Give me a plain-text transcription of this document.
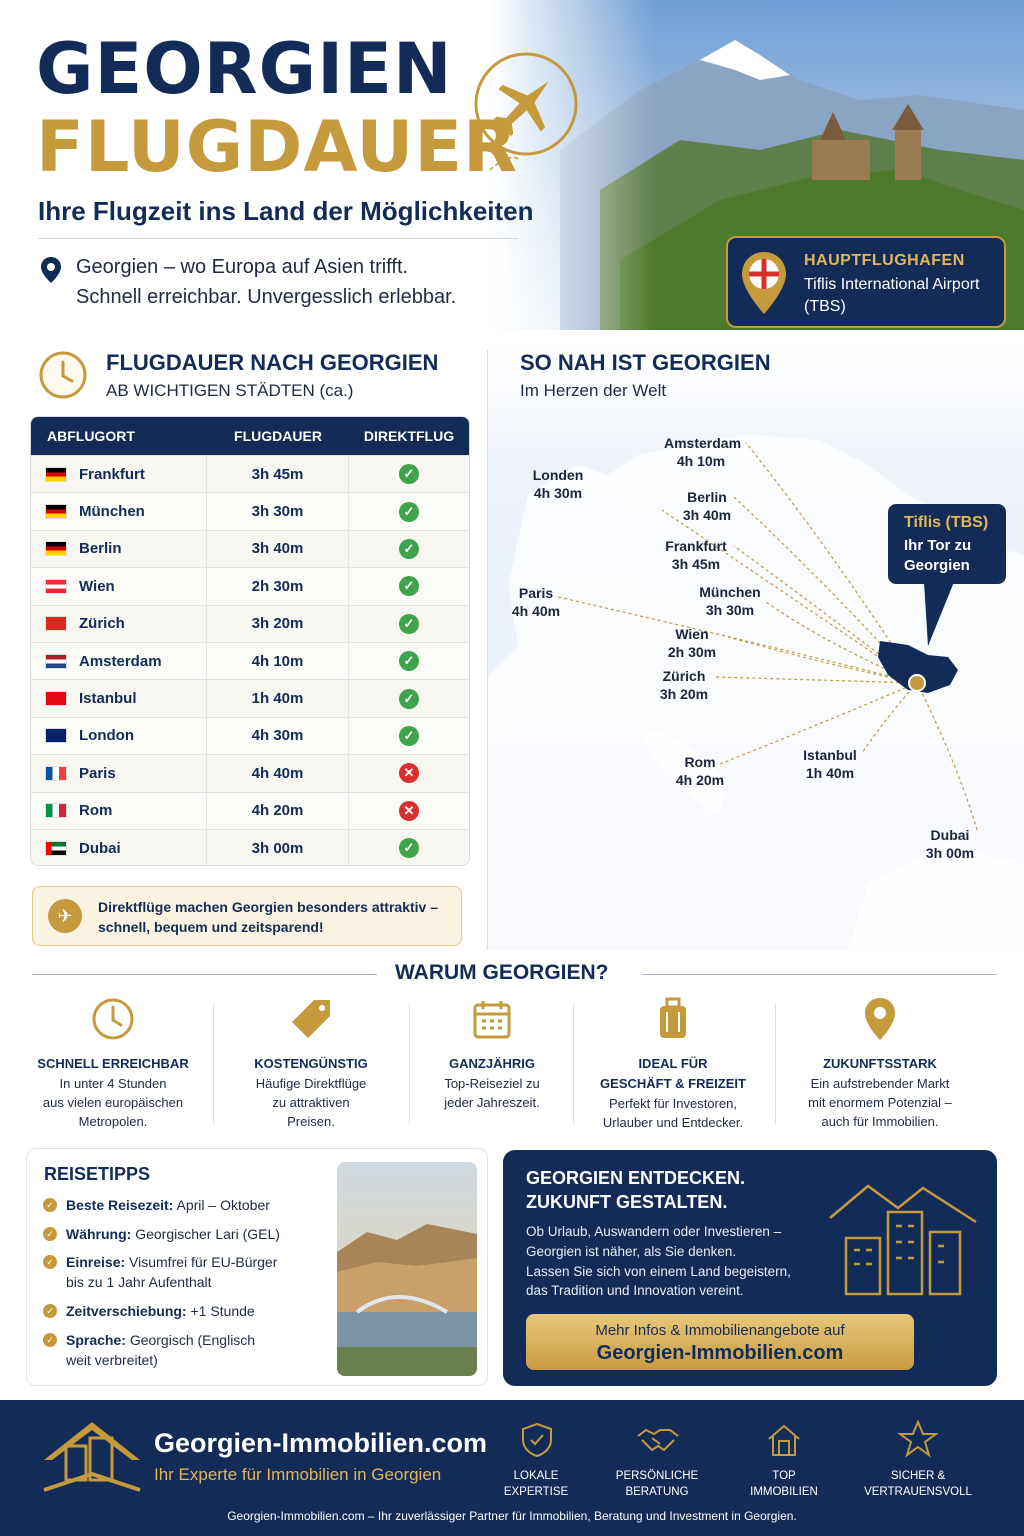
GEORGIEN
FLUGDAUER
Ihre Flugzeit ins Land der Möglichkeiten
Georgien – wo Europa auf Asien trifft.
Schnell erreichbar. Unvergesslich erlebbar.
HAUPTFLUGHAFEN
Tiflis International Airport
(TBS)
FLUGDAUER NACH GEORGIEN
AB WICHTIGEN STÄDTEN (ca.)
ABFLUGORT	FLUGDAUER	DIREKTFLUG
Frankfurt	3h 45m	✓
München	3h 30m	✓
Berlin	3h 40m	✓
Wien	2h 30m	✓
Zürich	3h 20m	✓
Amsterdam	4h 10m	✓
Istanbul	1h 40m	✓
London	4h 30m	✓
Paris	4h 40m	✕
Rom	4h 20m	✕
Dubai	3h 00m	✓
✈	Direktflüge machen Georgien besonders attraktiv –
schnell, bequem und zeitsparend!
SO NAH IST GEORGIEN
Im Herzen der Welt
Amsterdam
4h 10m
Londen
4h 30m	Berlin
3h 40m
Frankfurt
3h 45m
Paris
4h 40m
München
3h 30m
Wien
2h 30m
Zürich
3h 20m
Rom
4h 20m
Istanbul
1h 40m
Dubai
3h 00m
Tiflis (TBS)
Ihr Tor zu
Georgien
WARUM GEORGIEN?
SCHNELL ERREICHBAR
In unter 4 Stunden
aus vielen europäischen
Metropolen.
KOSTENGÜNSTIG
Häufige Direktflüge
zu attraktiven
Preisen.
GANZJÄHRIG
Top-Reiseziel zu
jeder Jahreszeit.
IDEAL FÜR
GESCHÄFT & FREIZEIT
Perfekt für Investoren,
Urlauber und Entdecker.
ZUKUNFTSSTARK
Ein aufstrebender Markt
mit enormem Potenzial –
auch für Immobilien.
REISETIPPS
✓ Beste Reisezeit: April – Oktober
✓ Währung: Georgischer Lari (GEL)
✓ Einreise: Visumfrei für EU-Bürger
bis zu 1 Jahr Aufenthalt
✓ Zeitverschiebung: +1 Stunde
✓ Sprache: Georgisch (Englisch
weit verbreitet)
GEORGIEN ENTDECKEN.
ZUKUNFT GESTALTEN.
Ob Urlaub, Auswandern oder Investieren –
Georgien ist näher, als Sie denken.
Lassen Sie sich von einem Land begeistern,
das Tradition und Innovation vereint.
Mehr Infos & Immobilienangebote auf
Georgien-Immobilien.com
Georgien-Immobilien.com
Ihr Experte für Immobilien in Georgien	LOKALE
EXPERTISE
PERSÖNLICHE
BERATUNG
TOP
IMMOBILIEN
SICHER &
VERTRAUENSVOLL
Georgien-Immobilien.com – Ihr zuverlässiger Partner für Immobilien, Beratung und Investment in Georgien.
